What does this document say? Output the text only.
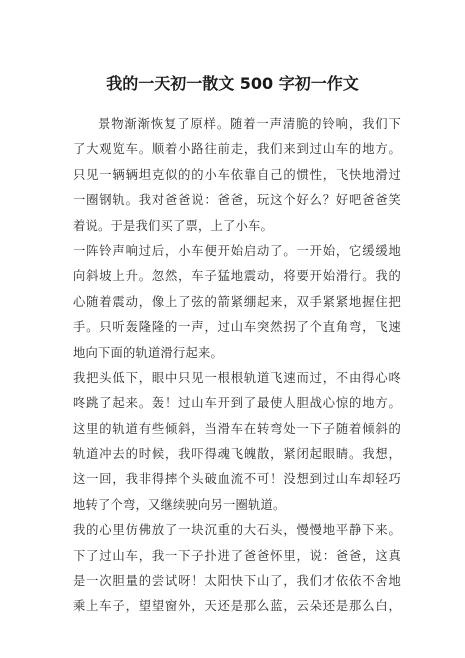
我的一天初一散文 500 字初一作文
景物渐渐恢复了原样。随着一声清脆的铃响，我们下
了大观览车。顺着小路往前走，我们来到过山车的地方。
只见一辆辆坦克似的的小车依靠自己的惯性，飞快地滑过
一圈钢轨。我对爸爸说：爸爸，玩这个好么？好吧爸爸笑
着说。于是我们买了票，上了小车。
一阵铃声响过后，小车便开始启动了。一开始，它缓缓地
向斜坡上升。忽然，车子猛地震动，将要开始滑行。我的
心随着震动，像上了弦的箭紧绷起来，双手紧紧地握住把
手。只听轰隆隆的一声，过山车突然拐了个直角弯，飞速
地向下面的轨道滑行起来。
我把头低下，眼中只见一根根轨道飞速而过，不由得心咚
咚跳了起来。轰！过山车开到了最使人胆战心惊的地方。
这里的轨道有些倾斜，当滑车在转弯处一下子随着倾斜的
轨道冲去的时候，我吓得魂飞魄散，紧闭起眼睛。我想，
这一回，我非得摔个头破血流不可！没想到过山车却轻巧
地转了个弯，又继续驶向另一圈轨道。
我的心里仿佛放了一块沉重的大石头，慢慢地平静下来。
下了过山车，我一下子扑进了爸爸怀里，说：爸爸，这真
是一次胆量的尝试呀！太阳快下山了，我们才依依不舍地
乘上车子，望望窗外，天还是那么蓝，云朵还是那么白，
